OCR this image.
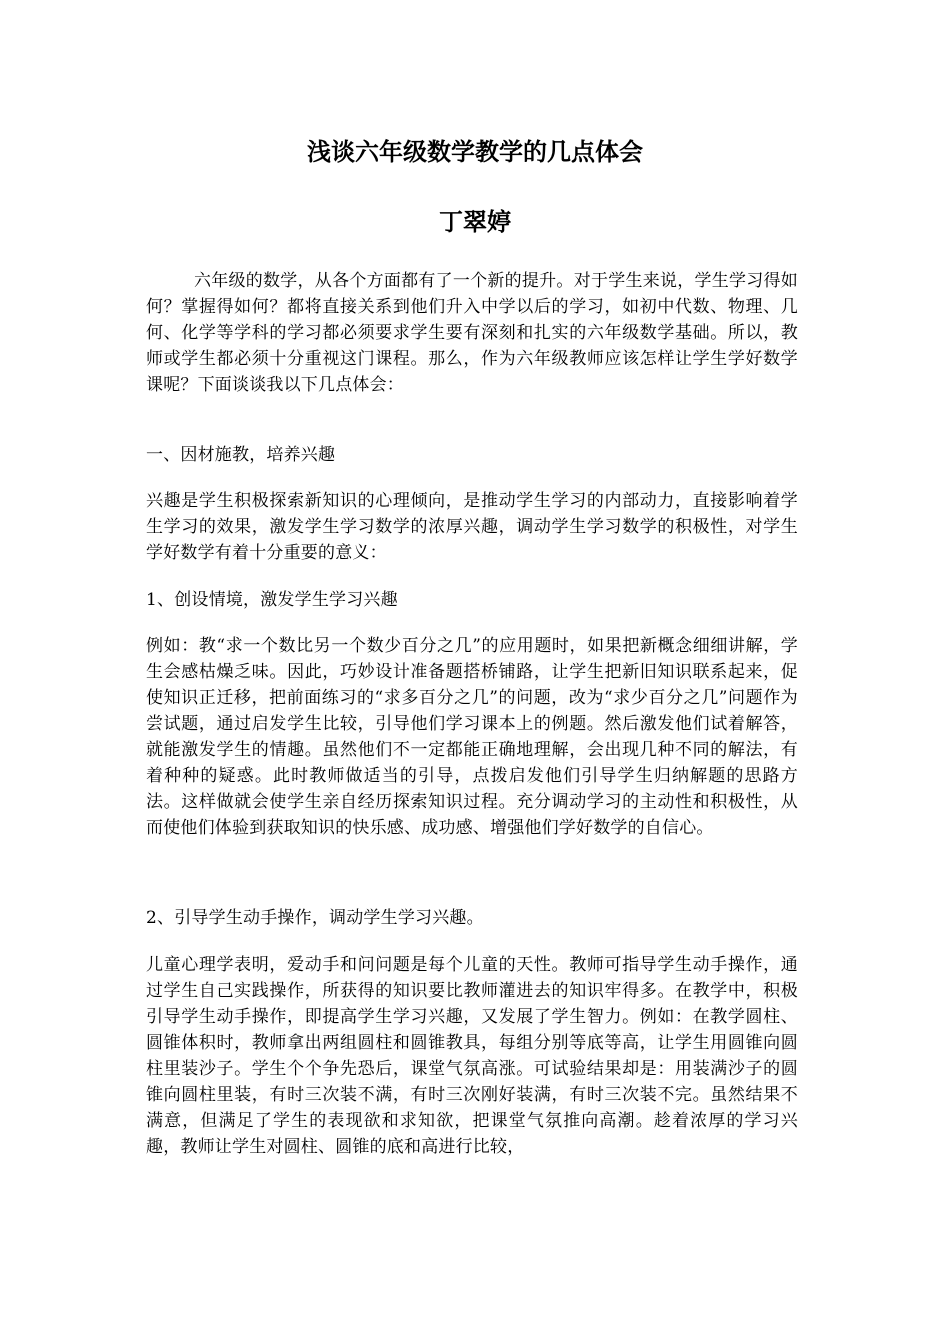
浅谈六年级数学教学的几点体会
丁翠婷

六年级的数学，从各个方面都有了一个新的提升。对于学生来说，学生学习得如何？掌握得如何？都将直接关系到他们升入中学以后的学习，如初中代数、物理、几何、化学等学科的学习都必须要求学生要有深刻和扎实的六年级数学基础。所以，教师或学生都必须十分重视这门课程。那么，作为六年级教师应该怎样让学生学好数学课呢？下面谈谈我以下几点体会：

一、因材施教，培养兴趣

兴趣是学生积极探索新知识的心理倾向，是推动学生学习的内部动力，直接影响着学生学习的效果，激发学生学习数学的浓厚兴趣，调动学生学习数学的积极性，对学生学好数学有着十分重要的意义：

1、创设情境，激发学生学习兴趣

例如：教“求一个数比另一个数少百分之几”的应用题时，如果把新概念细细讲解，学生会感枯燥乏味。因此，巧妙设计准备题搭桥铺路，让学生把新旧知识联系起来，促使知识正迁移，把前面练习的“求多百分之几”的问题，改为“求少百分之几”问题作为尝试题，通过启发学生比较，引导他们学习课本上的例题。然后激发他们试着解答，就能激发学生的情趣。虽然他们不一定都能正确地理解，会出现几种不同的解法，有着种种的疑惑。此时教师做适当的引导，点拨启发他们引导学生归纳解题的思路方法。这样做就会使学生亲自经历探索知识过程。充分调动学习的主动性和积极性，从而使他们体验到获取知识的快乐感、成功感、增强他们学好数学的自信心。

2、引导学生动手操作，调动学生学习兴趣。

儿童心理学表明，爱动手和问问题是每个儿童的天性。教师可指导学生动手操作，通过学生自己实践操作，所获得的知识要比教师灌进去的知识牢得多。在教学中，积极引导学生动手操作，即提高学生学习兴趣，又发展了学生智力。例如：在教学圆柱、圆锥体积时，教师拿出两组圆柱和圆锥教具，每组分别等底等高，让学生用圆锥向圆柱里装沙子。学生个个争先恐后，课堂气氛高涨。可试验结果却是：用装满沙子的圆锥向圆柱里装，有时三次装不满，有时三次刚好装满，有时三次装不完。虽然结果不满意，但满足了学生的表现欲和求知欲，把课堂气氛推向高潮。趁着浓厚的学习兴趣，教师让学生对圆柱、圆锥的底和高进行比较，
